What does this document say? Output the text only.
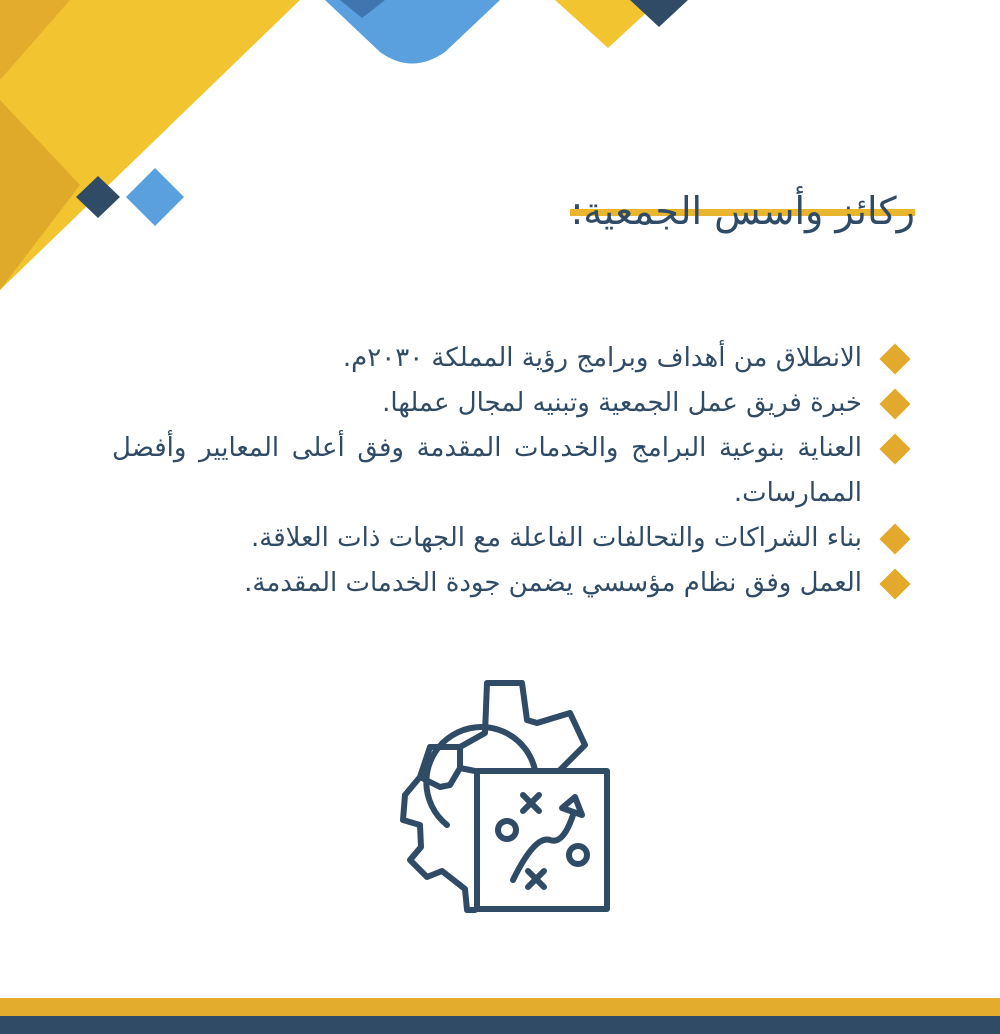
ركائز وأسس الجمعية:
الانطلاق من أهداف وبرامج رؤية المملكة ٢٠٣٠م.
خبرة فريق عمل الجمعية وتبنيه لمجال عملها.
العناية بنوعية البرامج والخدمات المقدمة وفق أعلى المعايير وأفضل الممارسات.
بناء الشراكات والتحالفات الفاعلة مع الجهات ذات العلاقة.
العمل وفق نظام مؤسسي يضمن جودة الخدمات المقدمة.
